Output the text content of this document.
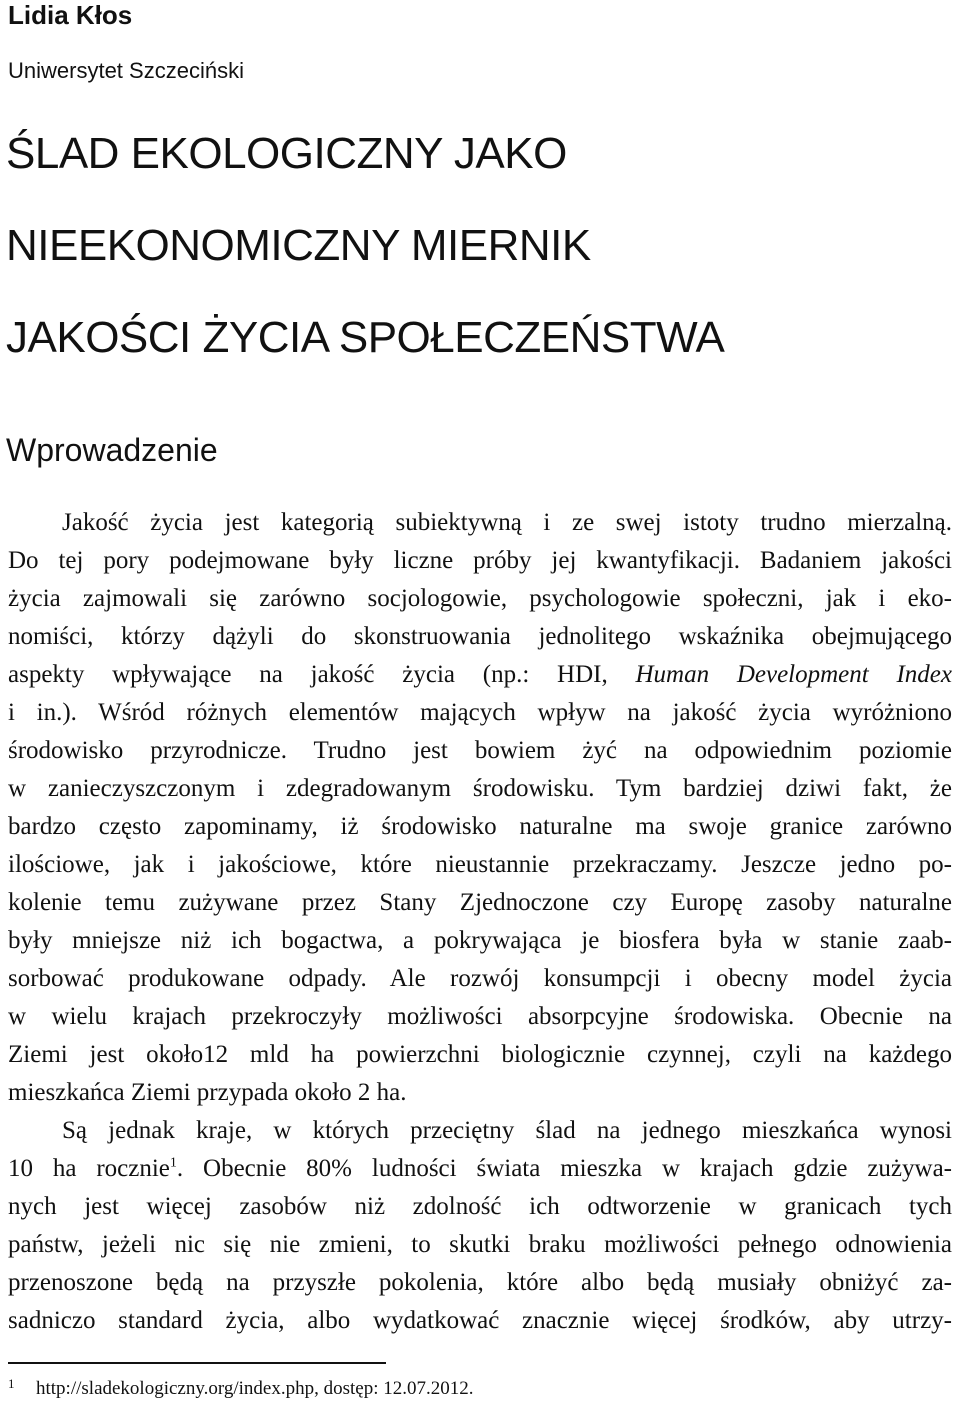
Lidia Kłos
Uniwersytet Szczeciński
ŚLAD EKOLOGICZNY JAKO
NIEEKONOMICZNY MIERNIK
JAKOŚCI ŻYCIA SPOŁECZEŃSTWA
Wprowadzenie
Jakość życia jest kategorią subiektywną i ze swej istoty trudno mierzalną.
Do tej pory podejmowane były liczne próby jej kwantyfikacji. Badaniem jakości
życia zajmowali się zarówno socjologowie, psychologowie społeczni, jak i eko-
nomiści, którzy dążyli do skonstruowania jednolitego wskaźnika obejmującego
aspekty wpływające na jakość życia (np.: HDI, Human Development Index
i in.). Wśród różnych elementów mających wpływ na jakość życia wyróżniono
środowisko przyrodnicze. Trudno jest bowiem żyć na odpowiednim poziomie
w zanieczyszczonym i zdegradowanym środowisku. Tym bardziej dziwi fakt, że
bardzo często zapominamy, iż środowisko naturalne ma swoje granice zarówno
ilościowe, jak i jakościowe, które nieustannie przekraczamy. Jeszcze jedno po-
kolenie temu zużywane przez Stany Zjednoczone czy Europę zasoby naturalne
były mniejsze niż ich bogactwa, a pokrywająca je biosfera była w stanie zaab-
sorbować produkowane odpady. Ale rozwój konsumpcji i obecny model życia
w wielu krajach przekroczyły możliwości absorpcyjne środowiska. Obecnie na
Ziemi jest około12 mld ha powierzchni biologicznie czynnej, czyli na każdego
mieszkańca Ziemi przypada około 2 ha.
Są jednak kraje, w których przeciętny ślad na jednego mieszkańca wynosi
10 ha rocznie$^1$. Obecnie 80% ludności świata mieszka w krajach gdzie zużywa-
nych jest więcej zasobów niż zdolność ich odtworzenie w granicach tych
państw, jeżeli nic się nie zmieni, to skutki braku możliwości pełnego odnowienia
przenoszone będą na przyszłe pokolenia, które albo będą musiały obniżyć za-
sadniczo standard życia, albo wydatkować znacznie więcej środków, aby utrzy-
1 http://sladekologiczny.org/index.php, dostęp: 12.07.2012.
